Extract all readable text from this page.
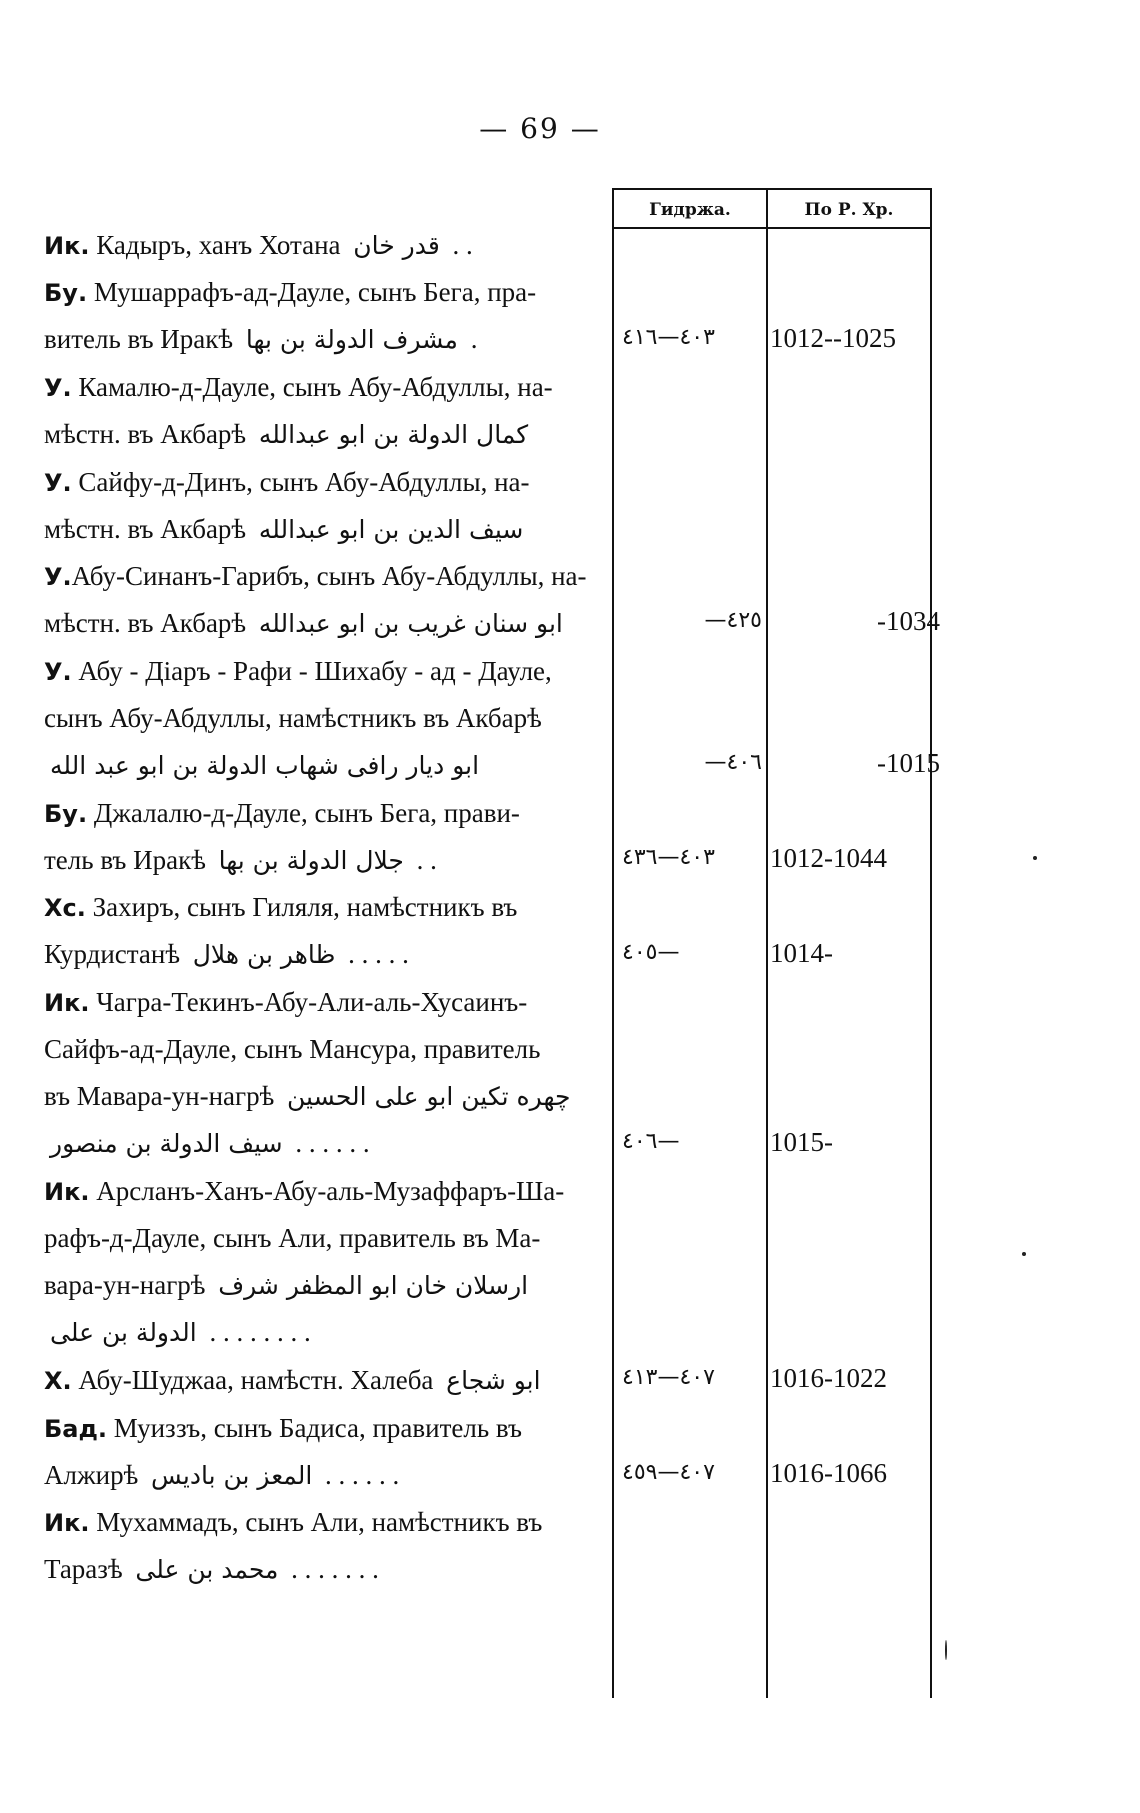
— 69 —
Гидржа.	По Р. Хр.
Ик. Кадыръ, ханъ Хотана قدر خان . .
Бу. Мушаррафъ-ад-Дауле, сынъ Бега, пра-
витель въ Иракѣ مشرف الدولة بن بها .	٤٠٣—٤١٦	1012--1025
У. Камалю-д-Дауле, сынъ Абу-Абдуллы, на-
мѣстн. въ Акбарѣ كمال الدولة بن ابو عبدالله
У. Сайфу-д-Динъ, сынъ Абу-Абдуллы, на-
мѣстн. въ Акбарѣ سيف الدين بن ابو عبدالله
У.Абу-Синанъ-Гарибъ, сынъ Абу-Абдуллы, на-
мѣстн. въ Акбарѣ ابو سنان غريب بن ابو عبدالله	—٤٢٥	-1034
У. Абу - Діаръ - Рафи - Шихабу - ад - Дауле,
сынъ Абу-Абдуллы, намѣстникъ въ Акбарѣ
ابو ديار رافى شهاب الدولة بن ابو عبد الله	—٤٠٦	-1015
Бу. Джалалю-д-Дауле, сынъ Бега, прави-
тель въ Иракѣ جلال الدولة بن بها . .	٤٠٣—٤٣٦	1012-1044
Хс. Захиръ, сынъ Гиляля, намѣстникъ въ
Курдистанѣ ظاهر بن هلال . . . . .	٤٠٥—	1014-
Ик. Чагра-Текинъ-Абу-Али-аль-Хусаинъ-
Сайфъ-ад-Дауле, сынъ Мансура, правитель
въ Мавара-ун-нагрѣ چهره تكين ابو على الحسين
سيف الدولة بن منصور . . . . . .	٤٠٦—	1015-
Ик. Арсланъ-Ханъ-Абу-аль-Музаффаръ-Ша-
рафъ-д-Дауле, сынъ Али, правитель въ Ма-
вара-ун-нагрѣ ارسلان خان ابو المظفر شرف
الدولة بن على . . . . . . . .
Х. Абу-Шуджаа, намѣстн. Халеба ابو شجاع	٤٠٧—٤١٣	1016-1022
Бад. Муиззъ, сынъ Бадиса, правитель въ
Алжирѣ المعز بن باديس . . . . . .	٤٠٧—٤٥٩	1016-1066
Ик. Мухаммадъ, сынъ Али, намѣстникъ въ
Таразѣ محمد بن على . . . . . . .
